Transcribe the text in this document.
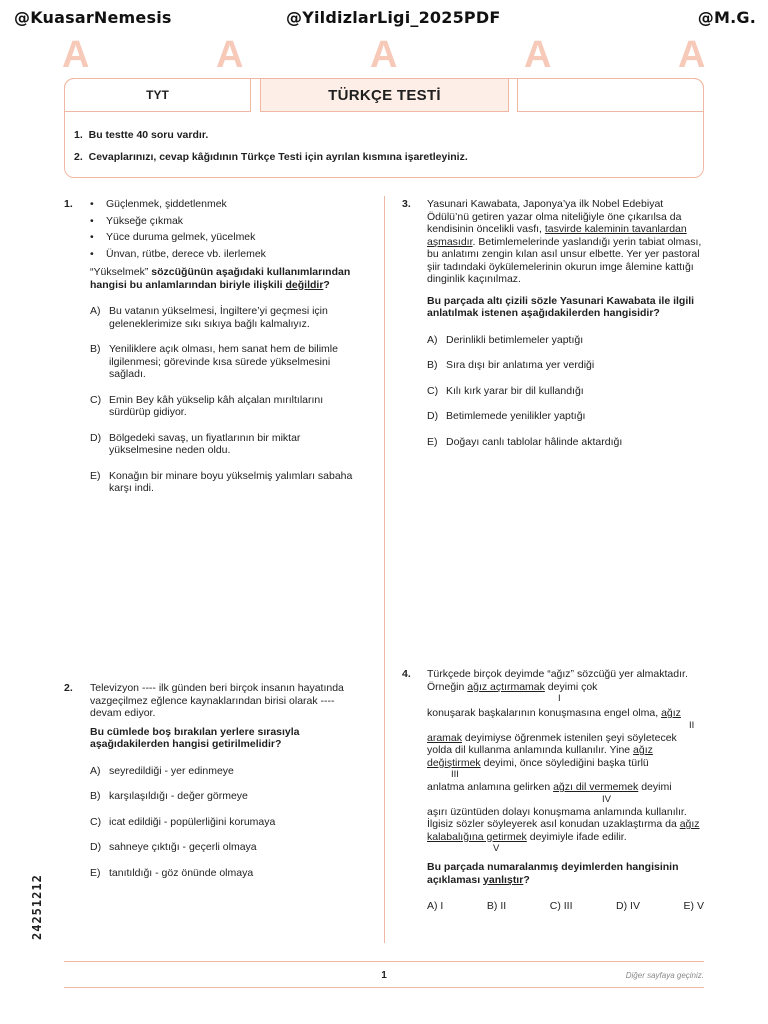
@KuasarNemesis	@YildizlarLigi_2025PDF	@M.G.
A	A	A	A	A
TYT	TÜRKÇE TESTİ
1. Bu testte 40 soru vardır.
2. Cevaplarınızı, cevap kâğıdının Türkçe Testi için ayrılan kısmına işaretleyiniz.
1.
•	Güçlenmek, şiddetlenmek
• Yükseğe çıkmak
• Yüce duruma gelmek, yücelmek
• Ünvan, rütbe, derece vb. ilerlemek
“Yükselmek” sözcüğünün aşağıdaki kullanımlarından hangisi bu anlamlarından biriyle ilişkili değildir?
A) Bu vatanın yükselmesi, İngiltere’yi geçmesi için geleneklerimize sıkı sıkıya bağlı kalmalıyız.
B) Yeniliklere açık olması, hem sanat hem de bilimle ilgilenmesi; görevinde kısa sürede yükselmesini sağladı.
C) Emin Bey kâh yükselip kâh alçalan mırıltılarını sürdürüp gidiyor.
D) Bölgedeki savaş, un fiyatlarının bir miktar yükselmesine neden oldu.
E) Konağın bir minare boyu yükselmiş yalımları sabaha karşı indi.
2. Televizyon ---- ilk günden beri birçok insanın hayatında vazgeçilmez eğlence kaynaklarından birisi olarak ---- devam ediyor.
Bu cümlede boş bırakılan yerlere sırasıyla aşağıdakilerden hangisi getirilmelidir?
A) seyredildiği - yer edinmeye
B) karşılaşıldığı - değer görmeye
C) icat edildiği - popülerliğini korumaya
D) sahneye çıktığı - geçerli olmaya
E) tanıtıldığı - göz önünde olmaya
3. Yasunari Kawabata, Japonya’ya ilk Nobel Edebiyat Ödülü’nü getiren yazar olma niteliğiyle öne çıkarılsa da kendisinin öncelikli vasfı, tasvirde kaleminin tavanlardan aşmasıdır. Betimlemelerinde yaslandığı yerin tabiat olması, bu anlatımı zengin kılan asıl unsur elbette. Yer yer pastoral şiir tadındaki öykülemelerinin okurun imge âlemine kattığı dinginlik kaçınılmaz.
Bu parçada altı çizili sözle Yasunari Kawabata ile ilgili anlatılmak istenen aşağıdakilerden hangisidir?
A) Derinlikli betimlemeler yaptığı
B) Sıra dışı bir anlatıma yer verdiği
C) Kılı kırk yarar bir dil kullandığı
D) Betimlemede yenilikler yaptığı
E) Doğayı canlı tablolar hâlinde aktardığı
4. Türkçede birçok deyimde “ağız” sözcüğü yer almaktadır. Örneğin ağız açtırmamak deyimi çok
I
konuşarak başkalarının konuşmasına engel olma, ağız
II
aramak deyimiyse öğrenmek istenilen şeyi söyletecek yolda dil kullanma anlamında kullanılır. Yine ağız değiştirmek deyimi, önce söylediğini başka türlü
III
anlatma anlamına gelirken ağzı dil vermemek deyimi
IV
aşırı üzüntüden dolayı konuşmama anlamında kullanılır. İlgisiz sözler söyleyerek asıl konudan uzaklaştırma da ağız kalabalığına getirmek deyimiyle ifade edilir.
V
Bu parçada numaralanmış deyimlerden hangisinin açıklaması yanlıştır?
A) I	B) II	C) III	D) IV	E) V
24251212
1	Diğer sayfaya geçiniz.
